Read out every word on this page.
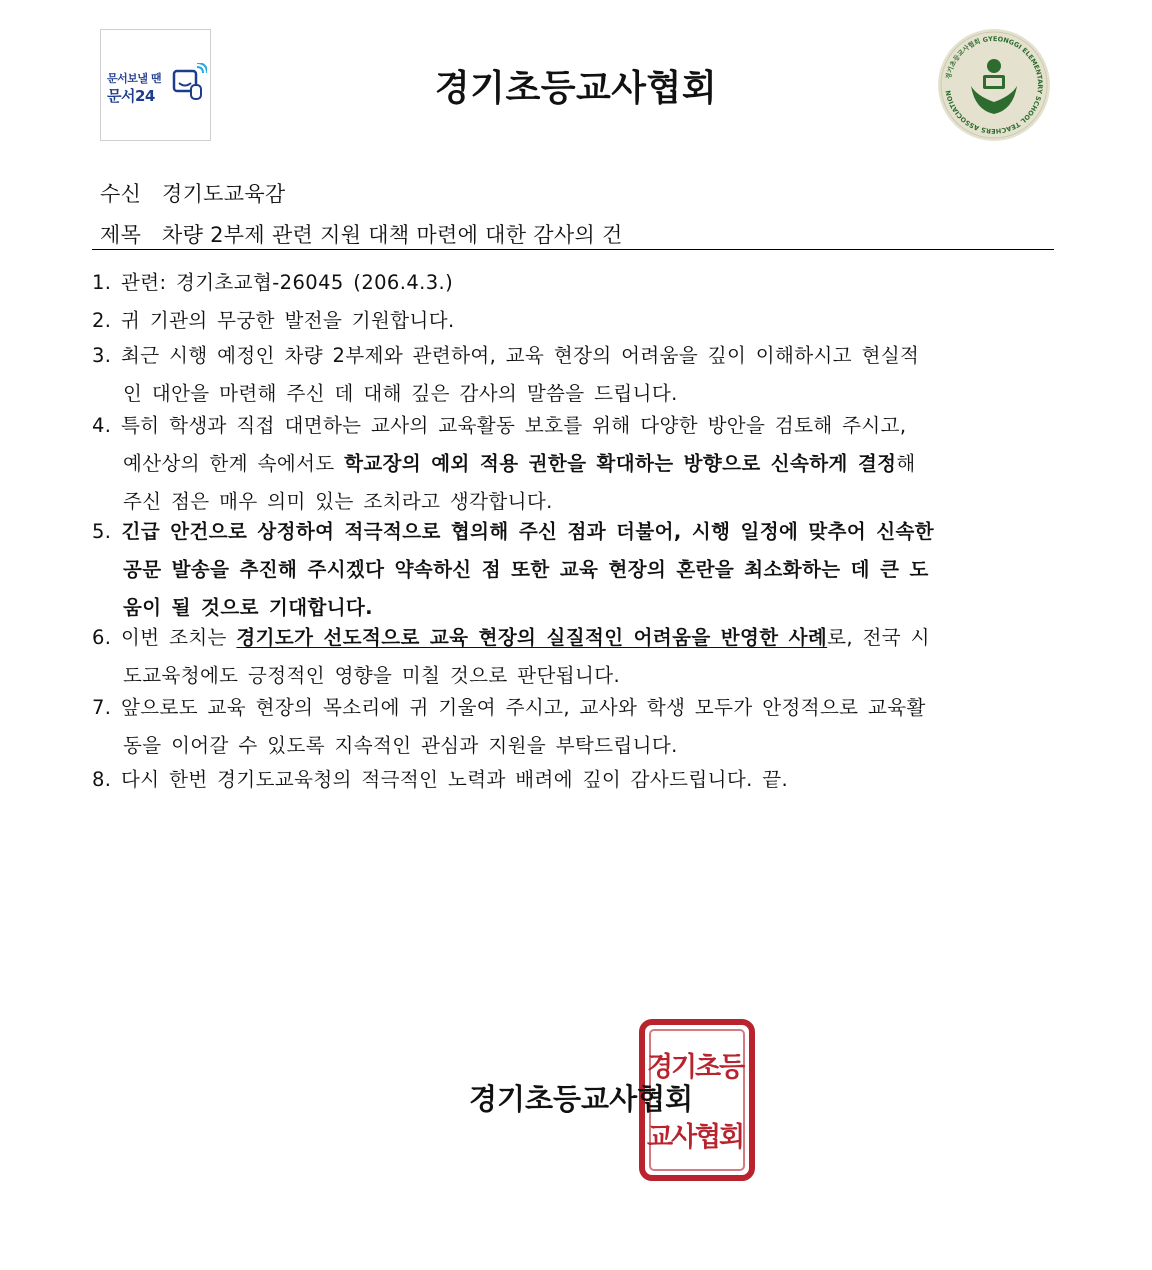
문서보낼 땐
문서24	경기초등교사협회	경기초등교사협회 GYEONGGI ELEMENTARY SCHOOL TEACHERS ASSOCIATION
수신 경기도교육감
제목 차량 2부제 관련 지원 대책 마련에 대한 감사의 건
1. 관련: 경기초교협-26045 (206.4.3.)
2. 귀 기관의 무궁한 발전을 기원합니다.
3. 최근 시행 예정인 차량 2부제와 관련하여, 교육 현장의 어려움을 깊이 이해하시고 현실적
인 대안을 마련해 주신 데 대해 깊은 감사의 말씀을 드립니다.
4. 특히 학생과 직접 대면하는 교사의 교육활동 보호를 위해 다양한 방안을 검토해 주시고,
예산상의 한계 속에서도 학교장의 예외 적용 권한을 확대하는 방향으로 신속하게 결정해
주신 점은 매우 의미 있는 조치라고 생각합니다.
5. 긴급 안건으로 상정하여 적극적으로 협의해 주신 점과 더불어, 시행 일정에 맞추어 신속한
공문 발송을 추진해 주시겠다 약속하신 점 또한 교육 현장의 혼란을 최소화하는 데 큰 도
움이 될 것으로 기대합니다.
6. 이번 조치는 경기도가 선도적으로 교육 현장의 실질적인 어려움을 반영한 사례로, 전국 시
도교육청에도 긍정적인 영향을 미칠 것으로 판단됩니다.
7. 앞으로도 교육 현장의 목소리에 귀 기울여 주시고, 교사와 학생 모두가 안정적으로 교육활
동을 이어갈 수 있도록 지속적인 관심과 지원을 부탁드립니다.
8. 다시 한번 경기도교육청의 적극적인 노력과 배려에 깊이 감사드립니다. 끝.
경
기
초
등
교
사
협
회
경기초등교사협회
